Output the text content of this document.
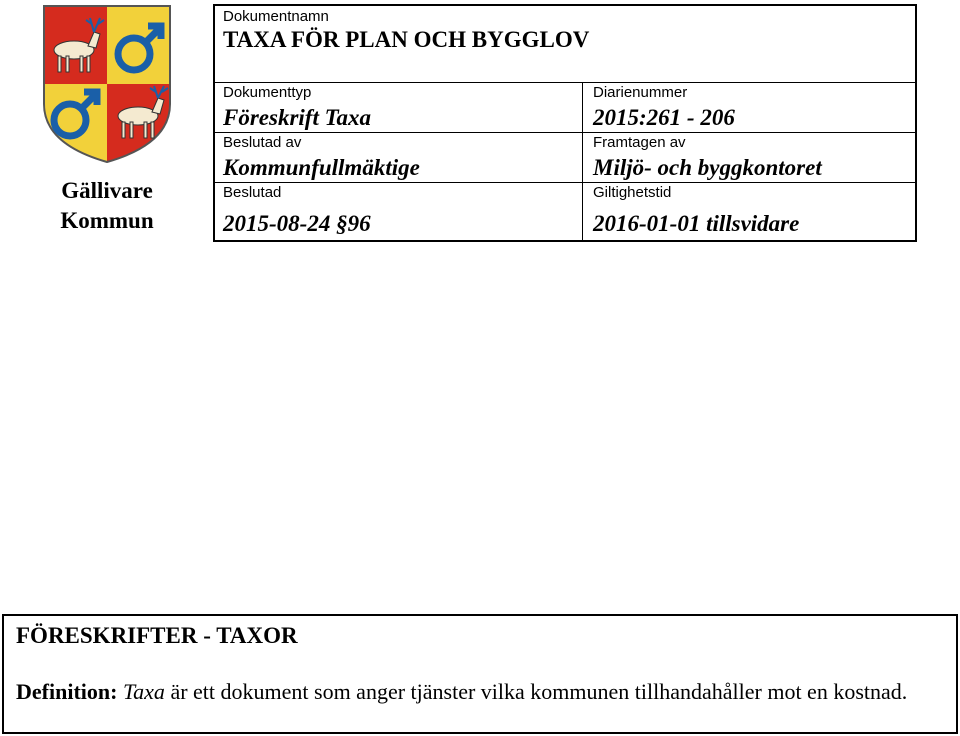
Gällivare
Kommun
Dokumentnamn
TAXA FÖR PLAN OCH BYGGLOV
Dokumenttyp
Föreskrift Taxa
Diarienummer
2015:261 - 206
Beslutad av
Kommunfullmäktige
Framtagen av
Miljö- och byggkontoret
Beslutad
2015-08-24 §96
Giltighetstid
2016-01-01 tillsvidare
FÖRESKRIFTER - TAXOR
Definition: Taxa är ett dokument som anger tjänster vilka kommunen tillhandahåller mot en kostnad.
